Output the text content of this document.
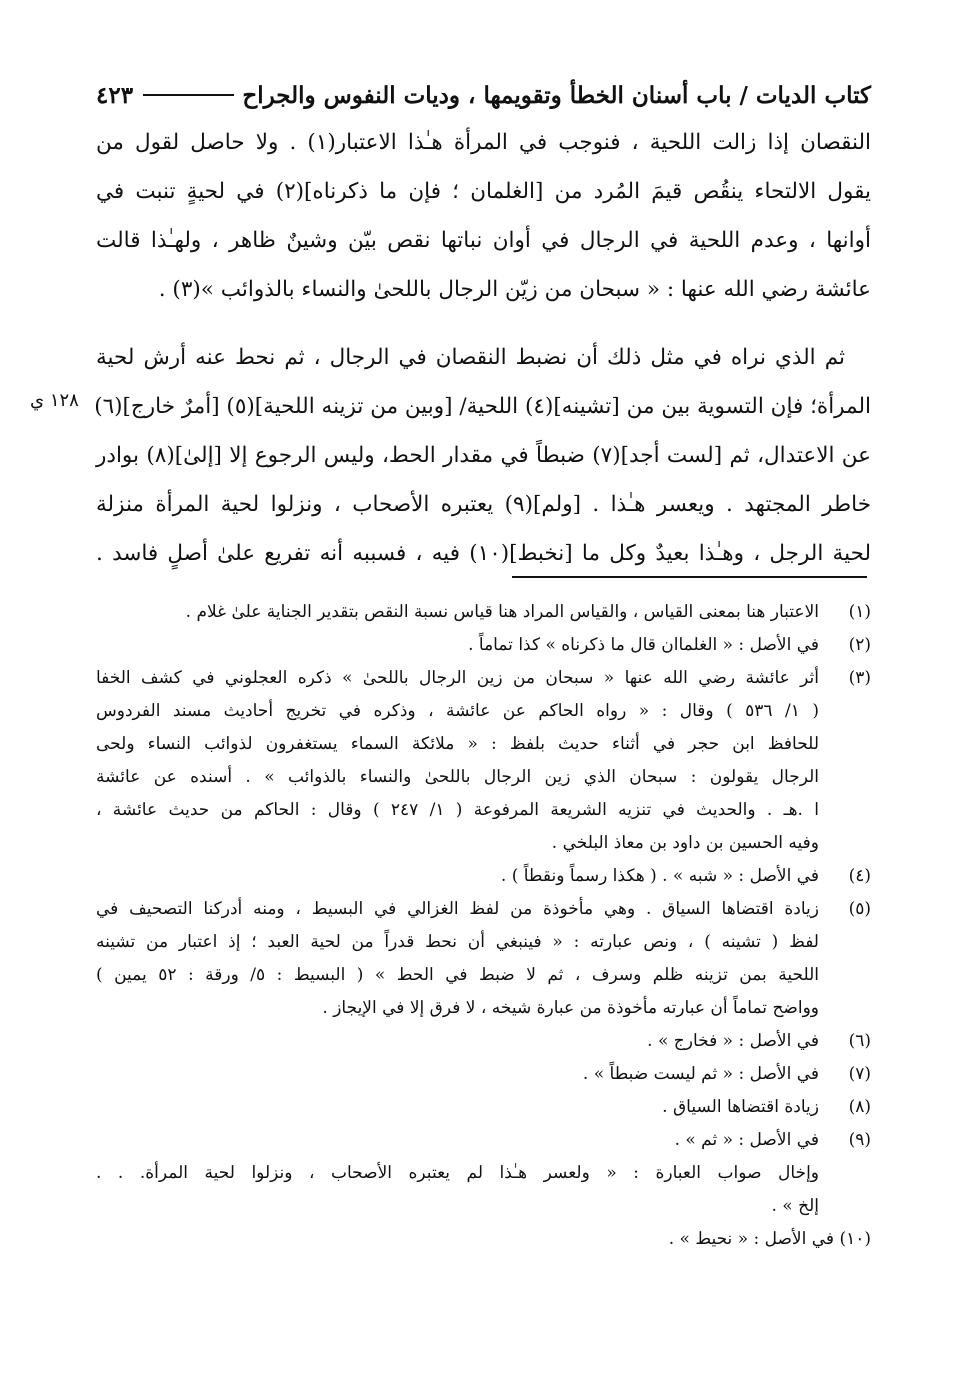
كتاب الديات / باب أسنان الخطأ وتقويمها ، وديات النفوس والجراح
٤٢٣
النقصان إذا زالت اللحية ، فنوجب في المرأة هـٰذا الاعتبار(١) . ولا حاصل لقول من
يقول الالتحاء ينقُص قيمَ المُرد من [الغلمان ؛ فإن ما ذكرناه](٢) في لحيةٍ تنبت في
أوانها ، وعدم اللحية في الرجال في أوان نباتها نقص بيّن وشينٌ ظاهر ، ولهـٰذا قالت
عائشة رضي الله عنها : « سبحان من زيّن الرجال باللحىٰ والنساء بالذوائب »(٣) .
ثم الذي نراه في مثل ذلك أن نضبط النقصان في الرجال ، ثم نحط عنه أرش لحية
المرأة؛ فإن التسوية بين من [تشينه](٤) اللحية/ [وبين من تزينه اللحية](٥) [أمرٌ خارج](٦)
عن الاعتدال، ثم [لست أجد](٧) ضبطاً في مقدار الحط، وليس الرجوع إلا [إلىٰ](٨) بوادر
خاطر المجتهد . ويعسر هـٰذا . [ولم](٩) يعتبره الأصحاب ، ونزلوا لحية المرأة منزلة
لحية الرجل ، وهـٰذا بعيدٌ وكل ما [نخبط](١٠) فيه ، فسببه أنه تفريع علىٰ أصلٍ فاسد .
١٢٨ ي
(١)
الاعتبار هنا بمعنى القياس ، والقياس المراد هنا قياس نسبة النقص بتقدير الجناية علىٰ غلام .
(٢)
في الأصل : « الغلماان قال ما ذكرناه » كذا تماماً .
(٣)
أثر عائشة رضي الله عنها « سبحان من زين الرجال باللحىٰ » ذكره العجلوني في كشف الخفا
( ١/ ٥٣٦ ) وقال : « رواه الحاكم عن عائشة ، وذكره في تخريج أحاديث مسند الفردوس
للحافظ ابن حجر في أثناء حديث بلفظ : « ملائكة السماء يستغفرون لذوائب النساء ولحى
الرجال يقولون : سبحان الذي زين الرجال باللحىٰ والنساء بالذوائب » . أسنده عن عائشة
ا .هـ . والحديث في تنزيه الشريعة المرفوعة ( ١/ ٢٤٧ ) وقال : الحاكم من حديث عائشة ،
وفيه الحسين بن داود بن معاذ البلخي .
(٤)
في الأصل : « شبه » . ( هكذا رسماً ونقطاً ) .
(٥)
زيادة اقتضاها السياق . وهي مأخوذة من لفظ الغزالي في البسيط ، ومنه أدركنا التصحيف في
لفظ ( تشينه ) ، ونص عبارته : « فينبغي أن نحط قدراً من لحية العبد ؛ إذ اعتبار من تشينه
اللحية بمن تزينه ظلم وسرف ، ثم لا ضبط في الحط » ( البسيط : ٥/ ورقة : ٥٢ يمين )
وواضح تماماً أن عبارته مأخوذة من عبارة شيخه ، لا فرق إلا في الإيجاز .
(٦)
في الأصل : « فخارج » .
(٧)
في الأصل : « ثم ليست ضبطاً » .
(٨)
زيادة اقتضاها السياق .
(٩)
في الأصل : « ثم » .
وإخال صواب العبارة : « ولعسر هـٰذا لم يعتبره الأصحاب ، ونزلوا لحية المرأة. . .
إلخ » .
(١٠) في الأصل : « نحيط » .
